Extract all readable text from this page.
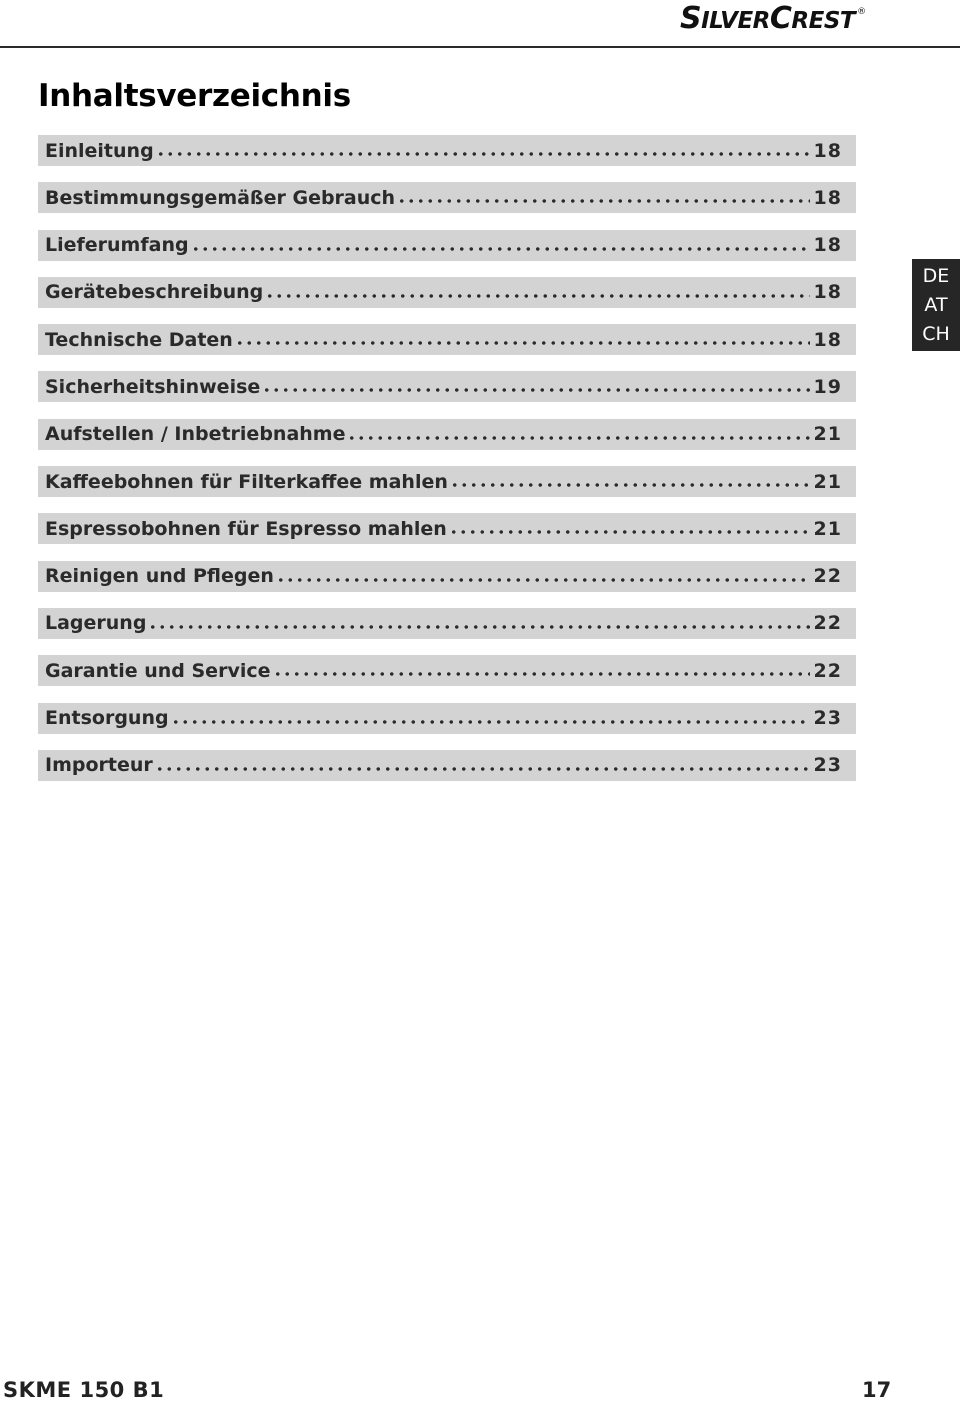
S ILVER C REST ®
Inhaltsverzeichnis
Einleitung	18
Bestimmungsgemäßer Gebrauch	18
Lieferumfang	18
Gerätebeschreibung	18
Technische Daten	18
Sicherheitshinweise	19
Aufstellen / Inbetriebnahme	21
Kaffeebohnen für Filterkaffee mahlen	21
Espressobohnen für Espresso mahlen	21
Reinigen und Pflegen	22
Lagerung	22
Garantie und Service	22
Entsorgung	23
Importeur	23
DE
AT
CH
SKME 150 B1	17
